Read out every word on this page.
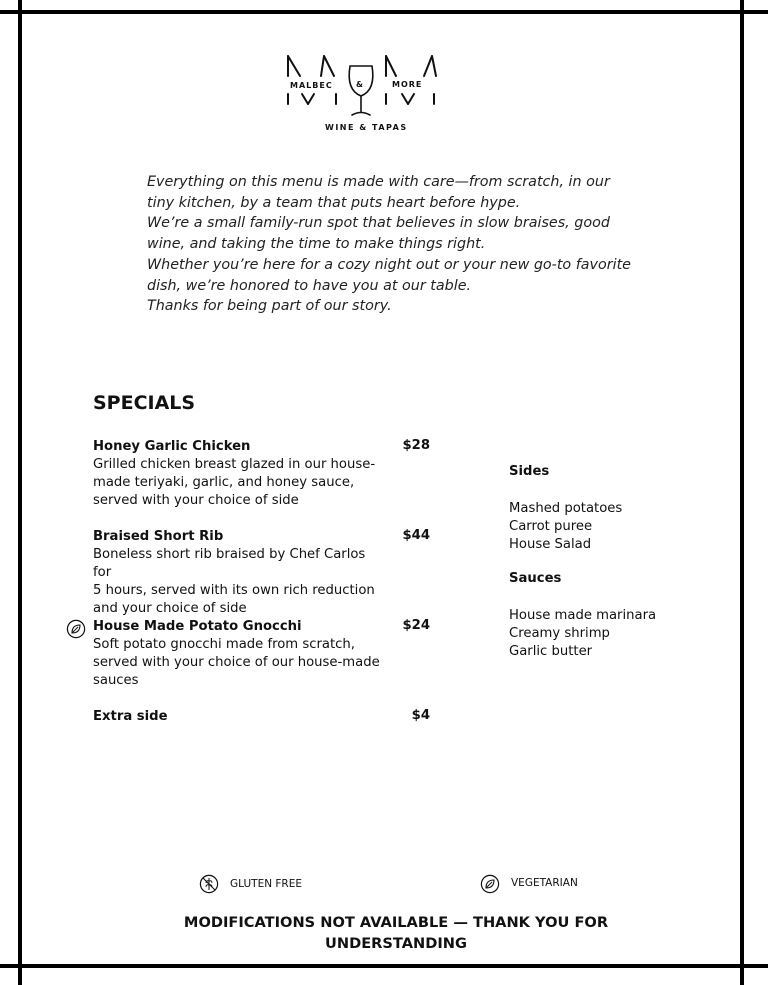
MALBEC	&	MORE
WINE & TAPAS

Everything on this menu is made with care—from scratch, in our

tiny kitchen, by a team that puts heart before hype.

We’re a small family-run spot that believes in slow braises, good

wine, and taking the time to make things right.

Whether you’re here for a cozy night out or your new go-to favorite

dish, we’re honored to have you at our table.

Thanks for being part of our story.

SPECIALS
Honey Garlic Chicken	$28
Grilled chicken breast glazed in our house-
made teriyaki, garlic, and honey sauce,
served with your choice of side
Braised Short Rib	$44
Boneless short rib braised by Chef Carlos for
5 hours, served with its own rich reduction
and your choice of side
House Made Potato Gnocchi	$24
Soft potato gnocchi made from scratch,
served with your choice of our house-made
sauces
Extra side	$4
Sides
Mashed potatoes
Carrot puree
House Salad
Sauces
House made marinara
Creamy shrimp
Garlic butter
GLUTEN FREE	VEGETARIAN
MODIFICATIONS NOT AVAILABLE — THANK YOU FOR UNDERSTANDING
